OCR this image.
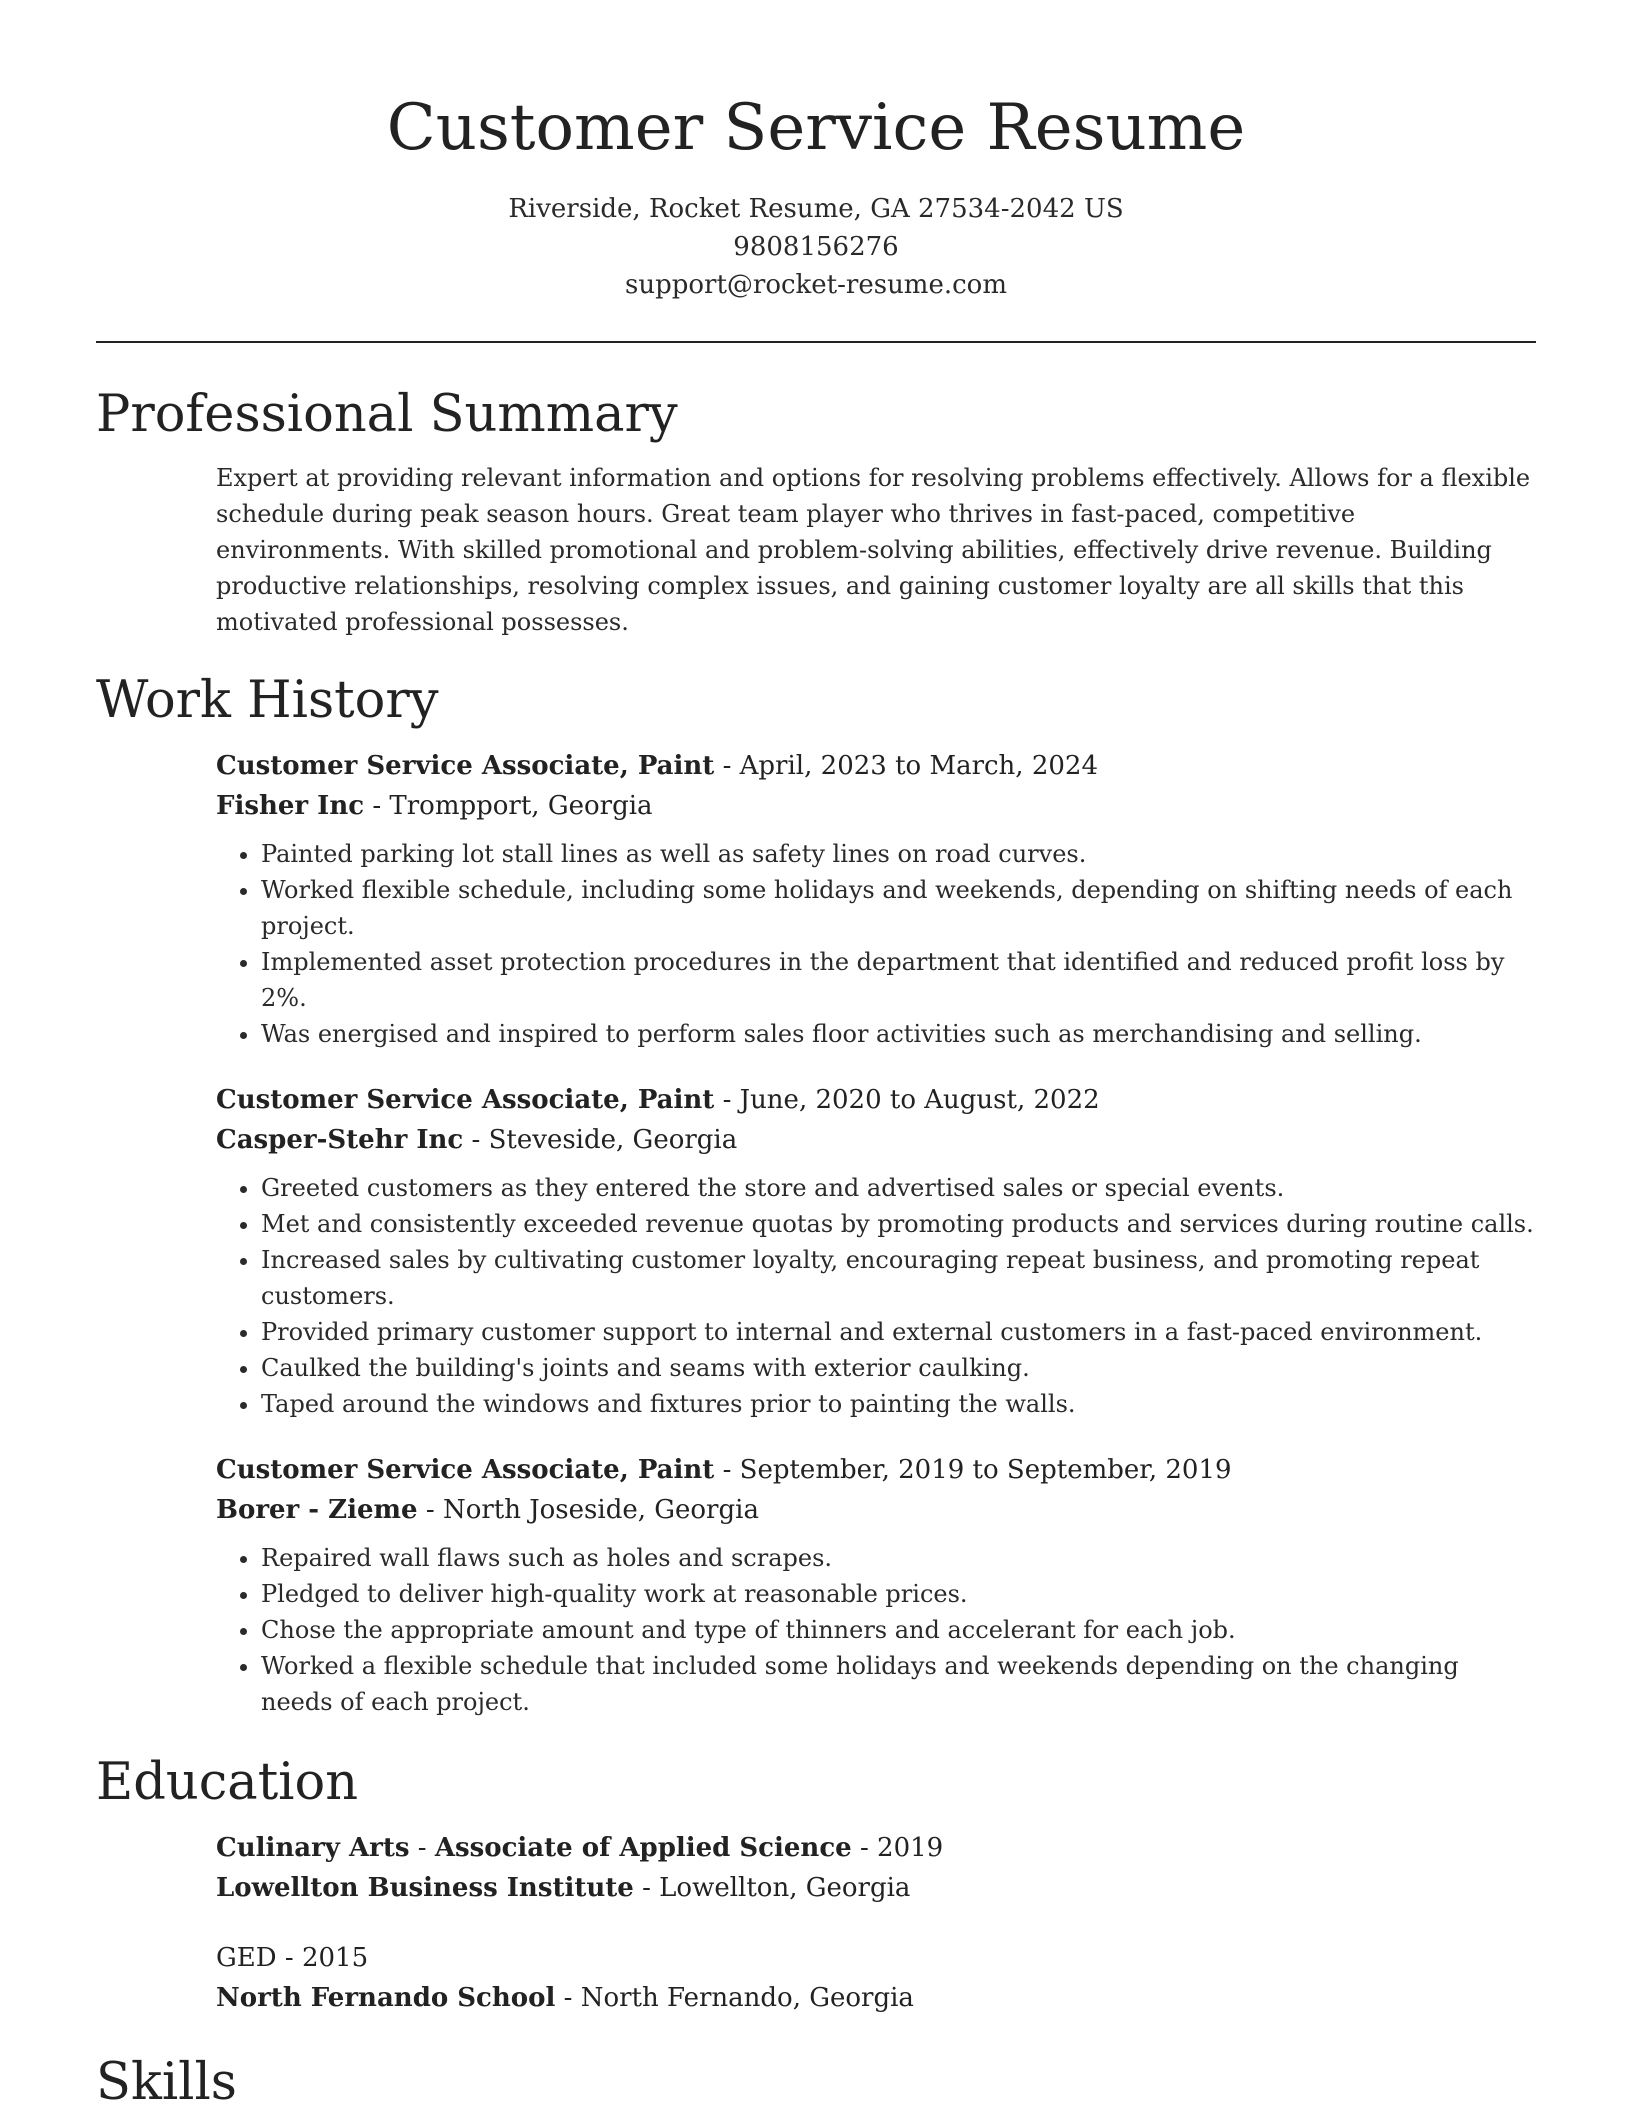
Customer Service Resume
Riverside, Rocket Resume, GA 27534-2042 US
9808156276
support@rocket-resume.com
Professional Summary

Expert at providing relevant information and options for resolving problems effectively. Allows for a flexible schedule during peak season hours. Great team player who thrives in fast-paced, competitive environments. With skilled promotional and problem-solving abilities, effectively drive revenue. Building productive relationships, resolving complex issues, and gaining customer loyalty are all skills that this motivated professional possesses.

Work History
Customer Service Associate, Paint - April, 2023 to March, 2024
Fisher Inc - Trompport, Georgia
• Painted parking lot stall lines as well as safety lines on road curves.
• Worked flexible schedule, including some holidays and weekends, depending on shifting needs of each project.
• Implemented asset protection procedures in the department that identified and reduced profit loss by 2%.
• Was energised and inspired to perform sales floor activities such as merchandising and selling.
Customer Service Associate, Paint - June, 2020 to August, 2022
Casper-Stehr Inc - Steveside, Georgia
• Greeted customers as they entered the store and advertised sales or special events.
• Met and consistently exceeded revenue quotas by promoting products and services during routine calls.
• Increased sales by cultivating customer loyalty, encouraging repeat business, and promoting repeat customers.
• Provided primary customer support to internal and external customers in a fast-paced environment.
• Caulked the building's joints and seams with exterior caulking.
• Taped around the windows and fixtures prior to painting the walls.
Customer Service Associate, Paint - September, 2019 to September, 2019
Borer - Zieme - North Joseside, Georgia
• Repaired wall flaws such as holes and scrapes.
• Pledged to deliver high-quality work at reasonable prices.
• Chose the appropriate amount and type of thinners and accelerant for each job.
• Worked a flexible schedule that included some holidays and weekends depending on the changing needs of each project.
Education
Culinary Arts - Associate of Applied Science - 2019
Lowellton Business Institute - Lowellton, Georgia
GED - 2015
North Fernando School - North Fernando, Georgia
Skills
